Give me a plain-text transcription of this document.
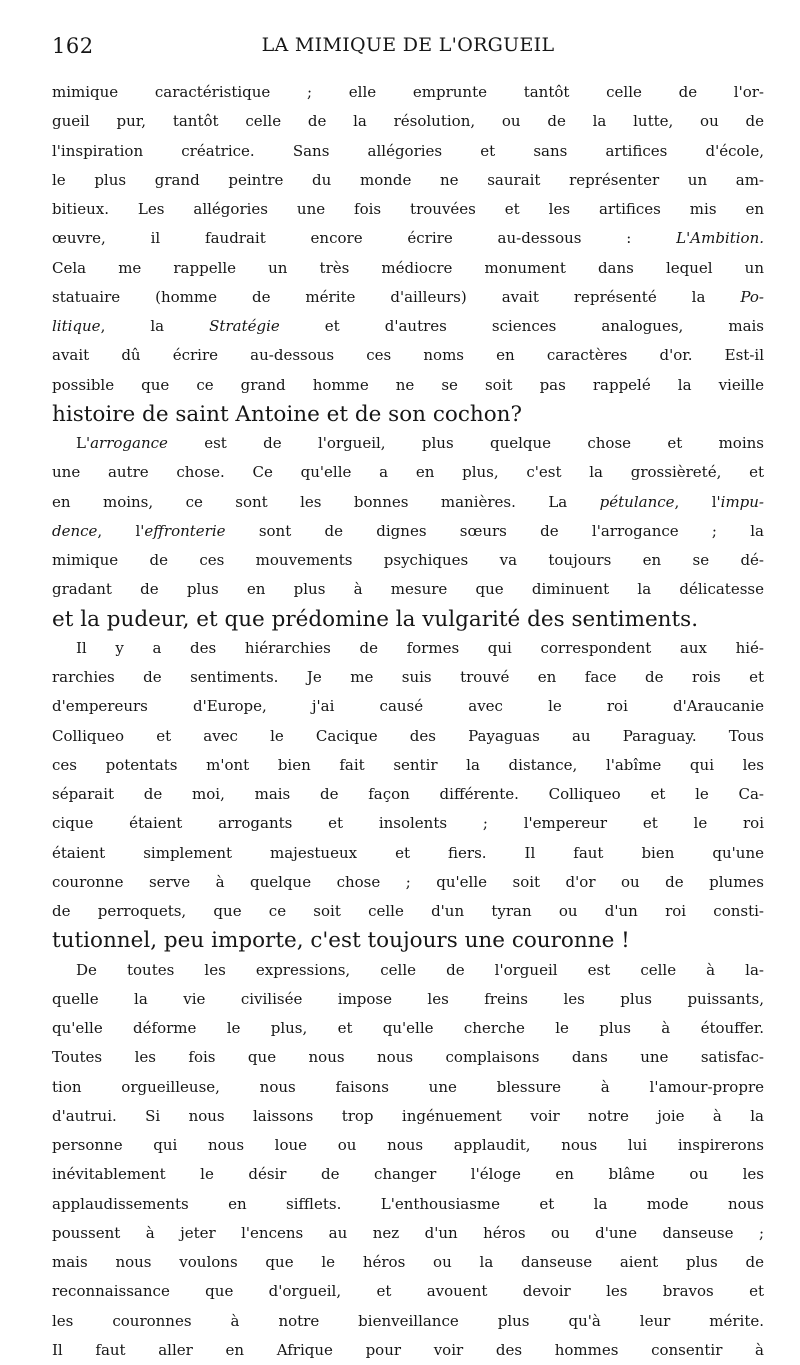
162	LA MIMIQUE DE L'ORGUEIL
mimique caractéristique ; elle emprunte tantôt celle de l'or-
gueil pur, tantôt celle de la résolution, ou de la lutte, ou de
l'inspiration créatrice. Sans allégories et sans artifices d'école,
le plus grand peintre du monde ne saurait représenter un am-
bitieux. Les allégories une fois trouvées et les artifices mis en
œuvre, il faudrait encore écrire au-dessous : L'Ambition.
Cela me rappelle un très médiocre monument dans lequel un
statuaire (homme de mérite d'ailleurs) avait représenté la Po-
litique, la Stratégie et d'autres sciences analogues, mais
avait dû écrire au-dessous ces noms en caractères d'or. Est-il
possible que ce grand homme ne se soit pas rappelé la vieille
histoire de saint Antoine et de son cochon?
L'arrogance est de l'orgueil, plus quelque chose et moins
une autre chose. Ce qu'elle a en plus, c'est la grossièreté, et
en moins, ce sont les bonnes manières. La pétulance, l'impu-
dence, l'effronterie sont de dignes sœurs de l'arrogance ; la
mimique de ces mouvements psychiques va toujours en se dé-
gradant de plus en plus à mesure que diminuent la délicatesse
et la pudeur, et que prédomine la vulgarité des sentiments.
Il y a des hiérarchies de formes qui correspondent aux hié-
rarchies de sentiments. Je me suis trouvé en face de rois et
d'empereurs d'Europe, j'ai causé avec le roi d'Araucanie
Colliqueo et avec le Cacique des Payaguas au Paraguay. Tous
ces potentats m'ont bien fait sentir la distance, l'abîme qui les
séparait de moi, mais de façon différente. Colliqueo et le Ca-
cique étaient arrogants et insolents ; l'empereur et le roi
étaient simplement majestueux et fiers. Il faut bien qu'une
couronne serve à quelque chose ; qu'elle soit d'or ou de plumes
de perroquets, que ce soit celle d'un tyran ou d'un roi consti-
tutionnel, peu importe, c'est toujours une couronne !
De toutes les expressions, celle de l'orgueil est celle à la-
quelle la vie civilisée impose les freins les plus puissants,
qu'elle déforme le plus, et qu'elle cherche le plus à étouffer.
Toutes les fois que nous nous complaisons dans une satisfac-
tion orgueilleuse, nous faisons une blessure à l'amour-propre
d'autrui. Si nous laissons trop ingénuement voir notre joie à la
personne qui nous loue ou nous applaudit, nous lui inspirerons
inévitablement le désir de changer l'éloge en blâme ou les
applaudissements en sifflets. L'enthousiasme et la mode nous
poussent à jeter l'encens au nez d'un héros ou d'une danseuse ;
mais nous voulons que le héros ou la danseuse aient plus de
reconnaissance que d'orgueil, et avouent devoir les bravos et
les couronnes à notre bienveillance plus qu'à leur mérite.
Il faut aller en Afrique pour voir des hommes consentir à
